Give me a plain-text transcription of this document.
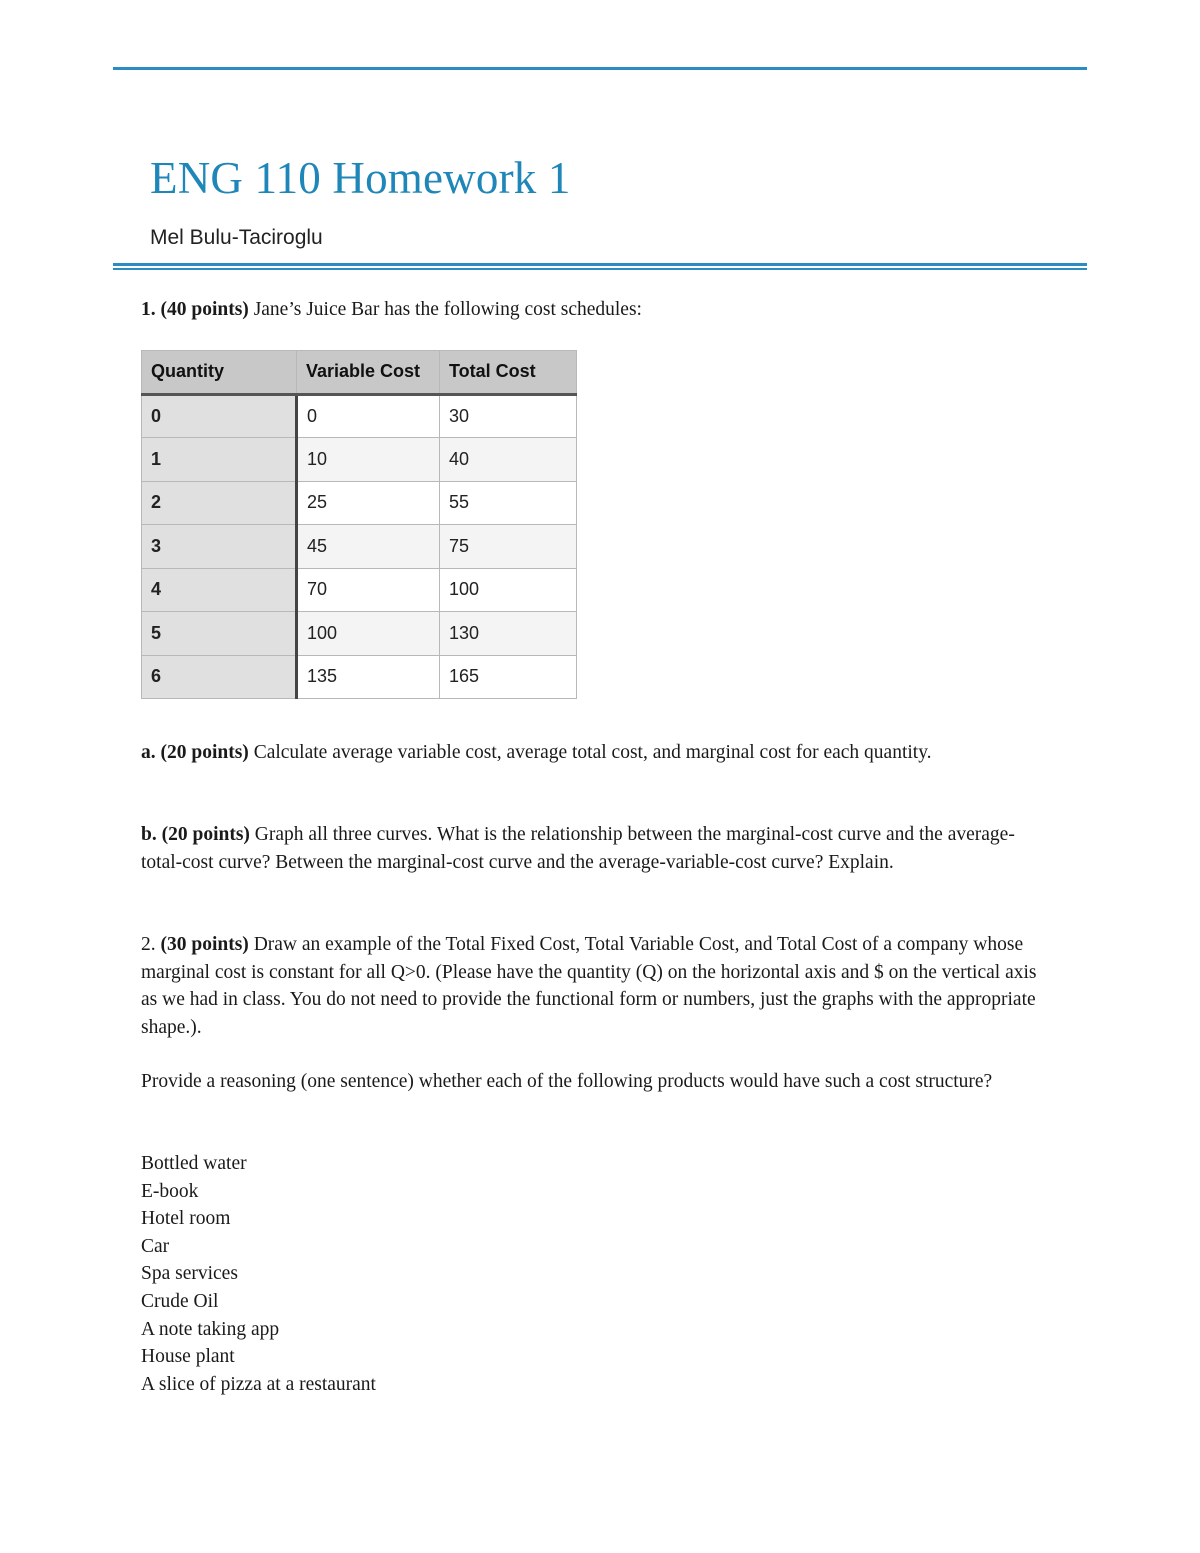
ENG 110 Homework 1
Mel Bulu-Taciroglu

1. (40 points) Jane’s Juice Bar has the following cost schedules:

Quantity	Variable Cost	Total Cost
0	0	30
1	10	40
2	25	55
3	45	75
4	70	100
5	100	130
6	135	165

a. (20 points) Calculate average variable cost, average total cost, and marginal cost for each quantity.

b. (20 points) Graph all three curves. What is the relationship between the marginal-cost curve and the average-total-cost curve? Between the marginal-cost curve and the average-variable-cost curve? Explain.

2. (30 points) Draw an example of the Total Fixed Cost, Total Variable Cost, and Total Cost of a company whose marginal cost is constant for all Q>0. (Please have the quantity (Q) on the horizontal axis and $ on the vertical axis as we had in class. You do not need to provide the functional form or numbers, just the graphs with the appropriate shape.).

Provide a reasoning (one sentence) whether each of the following products would have such a cost structure?

Bottled water
E-book
Hotel room
Car
Spa services
Crude Oil
A note taking app
House plant
A slice of pizza at a restaurant
